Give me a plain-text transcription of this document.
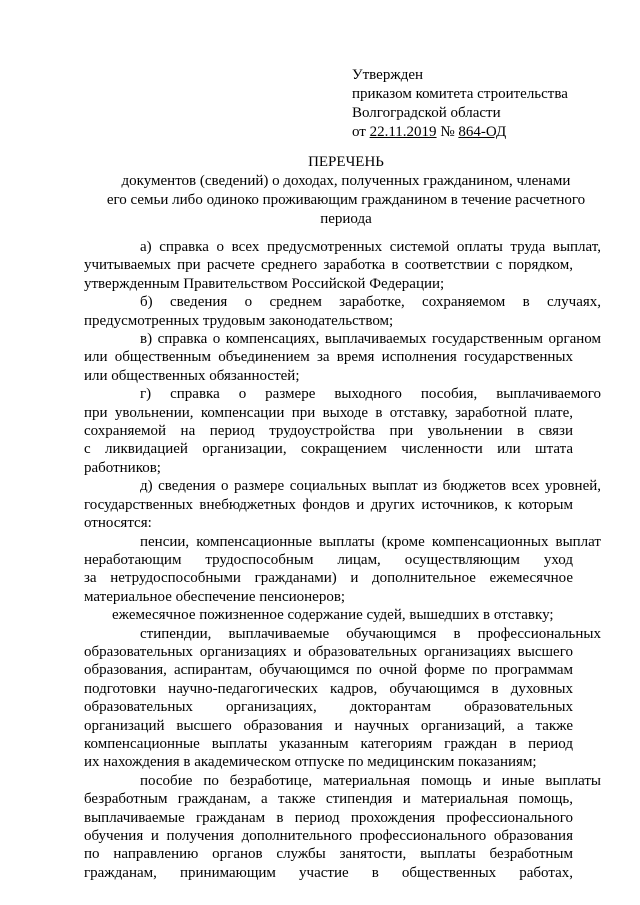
Утвержден
приказом комитета строительства
Волгоградской области
от 22.11.2019 № 864-ОД
ПЕРЕЧЕНЬ
документов (сведений) о доходах, полученных гражданином, членами
его семьи либо одиноко проживающим гражданином в течение расчетного
периода
а) справка о всех предусмотренных системой оплаты труда выплат,
учитываемых при расчете среднего заработка в соответствии с порядком,
утвержденным Правительством Российской Федерации;
б) сведения о среднем заработке, сохраняемом в случаях,
предусмотренных трудовым законодательством;
в) справка о компенсациях, выплачиваемых государственным органом
или общественным объединением за время исполнения государственных
или общественных обязанностей;
г) справка о размере выходного пособия, выплачиваемого
при увольнении, компенсации при выходе в отставку, заработной плате,
сохраняемой на период трудоустройства при увольнении в связи
с ликвидацией организации, сокращением численности или штата
работников;
д) сведения о размере социальных выплат из бюджетов всех уровней,
государственных внебюджетных фондов и других источников, к которым
относятся:
пенсии, компенсационные выплаты (кроме компенсационных выплат
неработающим трудоспособным лицам, осуществляющим уход
за нетрудоспособными гражданами) и дополнительное ежемесячное
материальное обеспечение пенсионеров;
ежемесячное пожизненное содержание судей, вышедших в отставку;
стипендии, выплачиваемые обучающимся в профессиональных
образовательных организациях и образовательных организациях высшего
образования, аспирантам, обучающимся по очной форме по программам
подготовки научно-педагогических кадров, обучающимся в духовных
образовательных организациях, докторантам образовательных
организаций высшего образования и научных организаций, а также
компенсационные выплаты указанным категориям граждан в период
их нахождения в академическом отпуске по медицинским показаниям;
пособие по безработице, материальная помощь и иные выплаты
безработным гражданам, а также стипендия и материальная помощь,
выплачиваемые гражданам в период прохождения профессионального
обучения и получения дополнительного профессионального образования
по направлению органов службы занятости, выплаты безработным
гражданам, принимающим участие в общественных работах,
